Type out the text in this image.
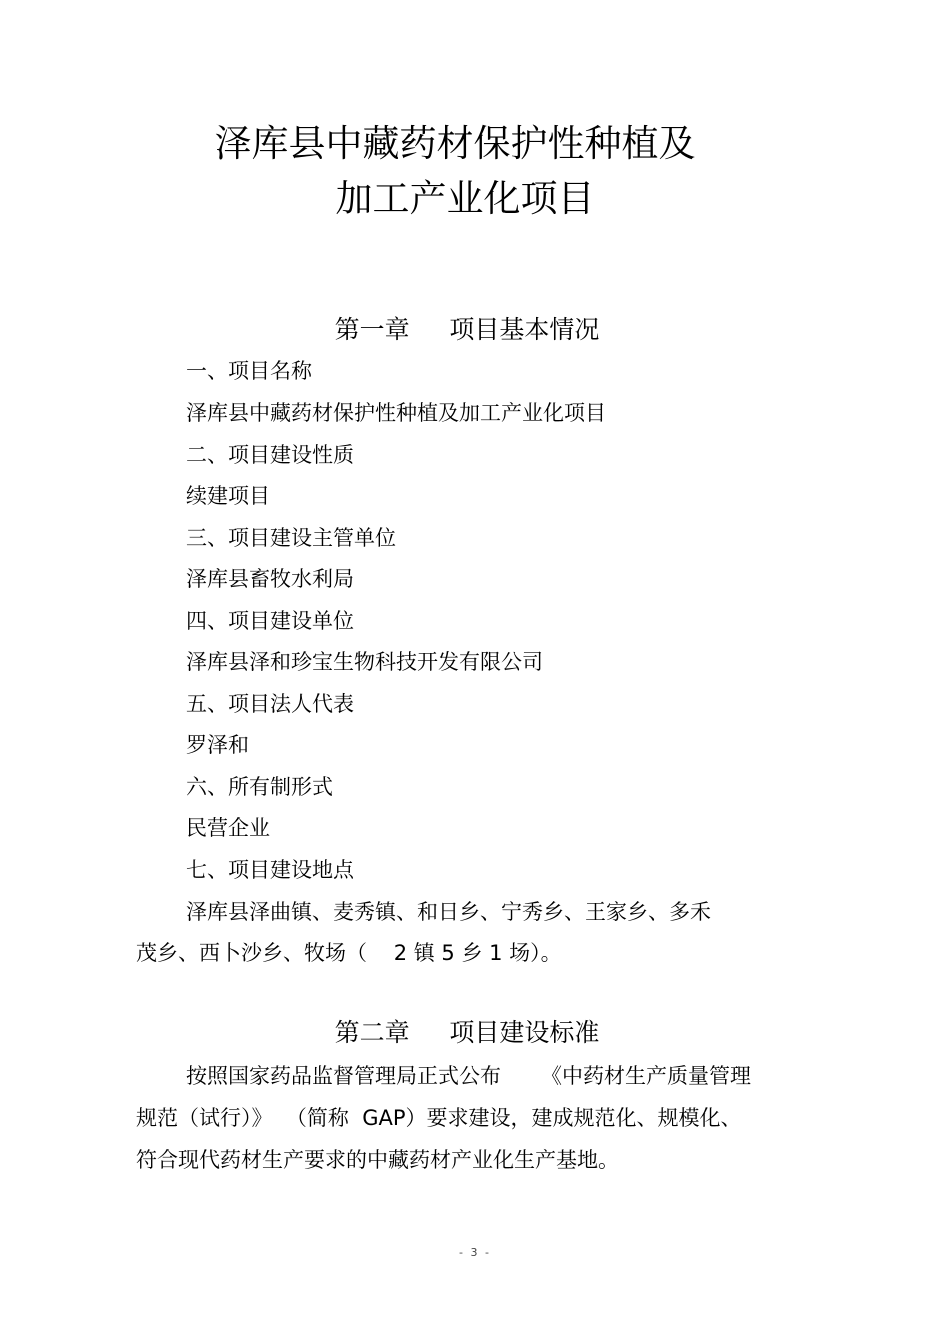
泽库县中藏药材保护性种植及
加工产业化项目
第一章     项目基本情况

一、项目名称

泽库县中藏药材保护性种植及加工产业化项目

二、项目建设性质

续建项目

三、项目建设主管单位

泽库县畜牧水利局

四、项目建设单位

泽库县泽和珍宝生物科技开发有限公司

五、项目法人代表

罗泽和

六、所有制形式

民营企业

七、项目建设地点

泽库县泽曲镇、麦秀镇、和日乡、宁秀乡、王家乡、多禾

茂乡、西卜沙乡、牧场（    2 镇 5 乡 1 场）。

第二章     项目建设标准

按照国家药品监督管理局正式公布      《中药材生产质量管理

规范（试行）》  （简称  GAP）要求建设，建成规范化、规模化、

符合现代药材生产要求的中藏药材产业化生产基地。

- 3 -
